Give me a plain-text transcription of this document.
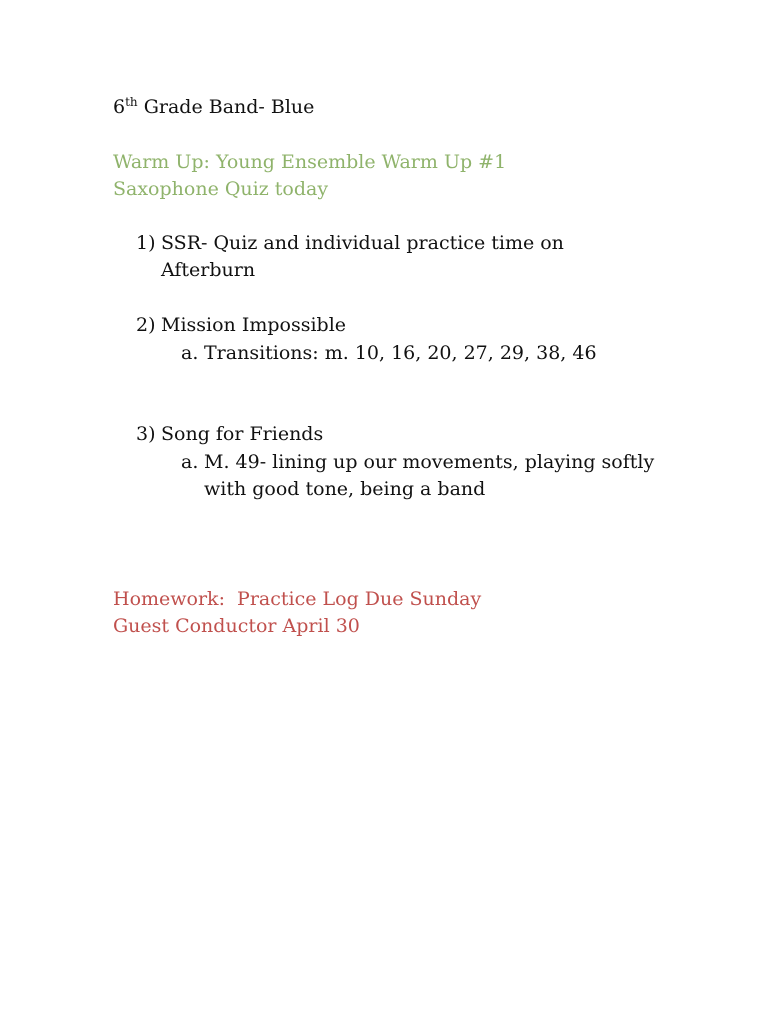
6th Grade Band- Blue
Warm Up: Young Ensemble Warm Up #1
Saxophone Quiz today
1) SSR- Quiz and individual practice time on
Afterburn
2) Mission Impossible
a. Transitions: m. 10, 16, 20, 27, 29, 38, 46
3) Song for Friends
a. M. 49- lining up our movements, playing softly
with good tone, being a band
Homework:  Practice Log Due Sunday
Guest Conductor April 30
